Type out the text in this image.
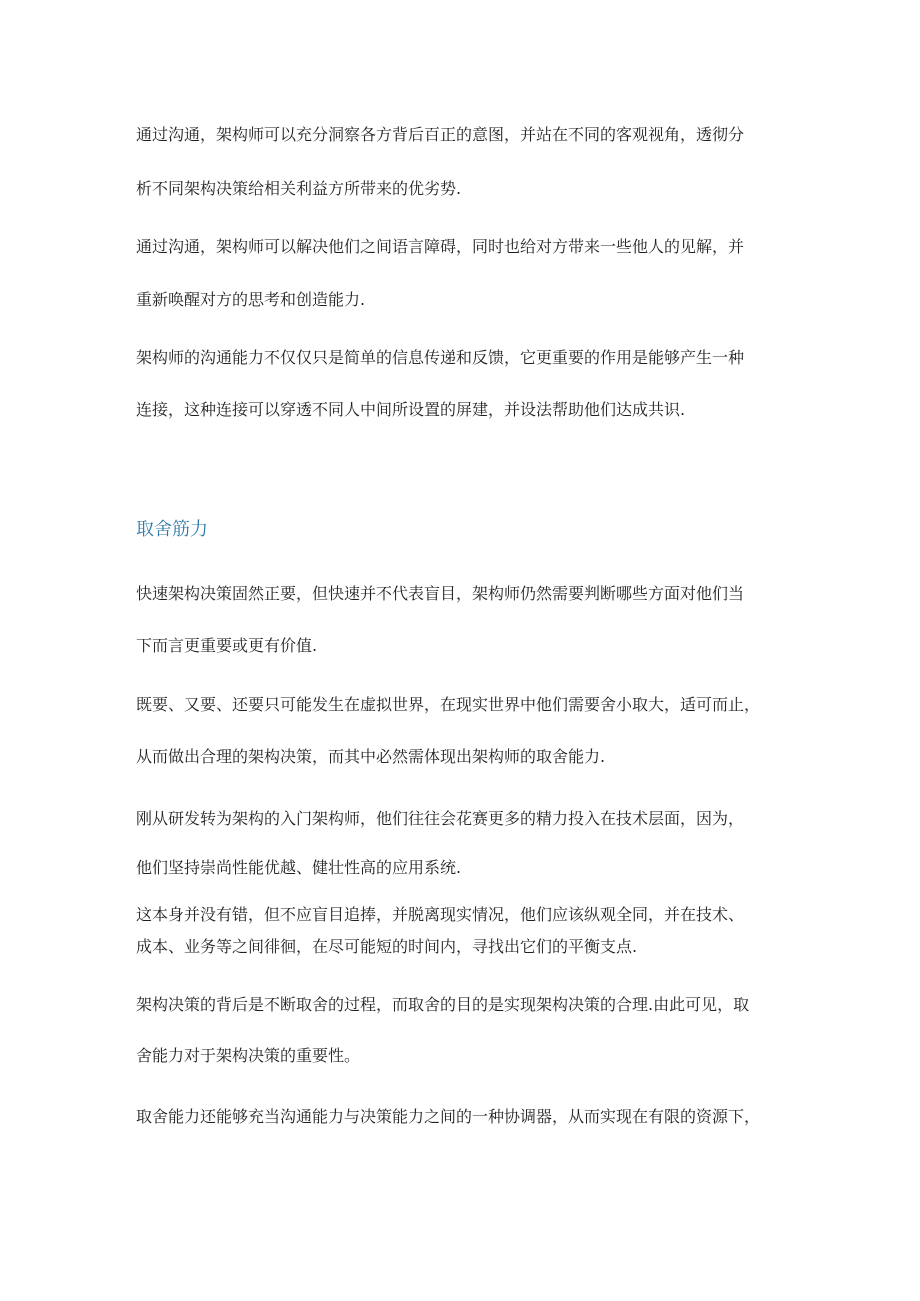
通过沟通，架构师可以充分洞察各方背后百正的意图，并站在不同的客观视角，透彻分
析不同架构决策给相关利益方所带来的优劣势.
通过沟通，架构师可以解决他们之间语言障碍，同时也给对方带来一些他人的见解，并
重新唤醒对方的思考和创造能力.
架构师的沟通能力不仅仅只是简单的信息传递和反馈，它更重要的作用是能够产生一种
连接，这种连接可以穿透不同人中间所设置的屏建，并设法帮助他们达成共识.
取舍筋力
快速架构决策固然正要，但快速并不代表盲目，架构师仍然需要判断哪些方面对他们当
下而言更重要或更有价值.
既要、又要、还要只可能发生在虚拟世界，在现实世界中他们需要舍小取大，适可而止，
从而做出合理的架构决策，而其中必然需体现出架构师的取舍能力.
刚从研发转为架构的入门架构师，他们往往会花赛更多的精力投入在技术层面，因为，
他们坚持崇尚性能优越、健壮性高的应用系统.
这本身并没有错，但不应盲目追捧，并脱离现实情况，他们应该纵观全同，并在技术、
成本、业务等之间徘徊，在尽可能短的时间内，寻找出它们的平衡支点.
架构决策的背后是不断取舍的过程，而取舍的目的是实现架构决策的合理.由此可见，取
舍能力对于架构决策的重要性。
取舍能力还能够充当沟通能力与决策能力之间的一种协调器，从而实现在有限的资源下，
